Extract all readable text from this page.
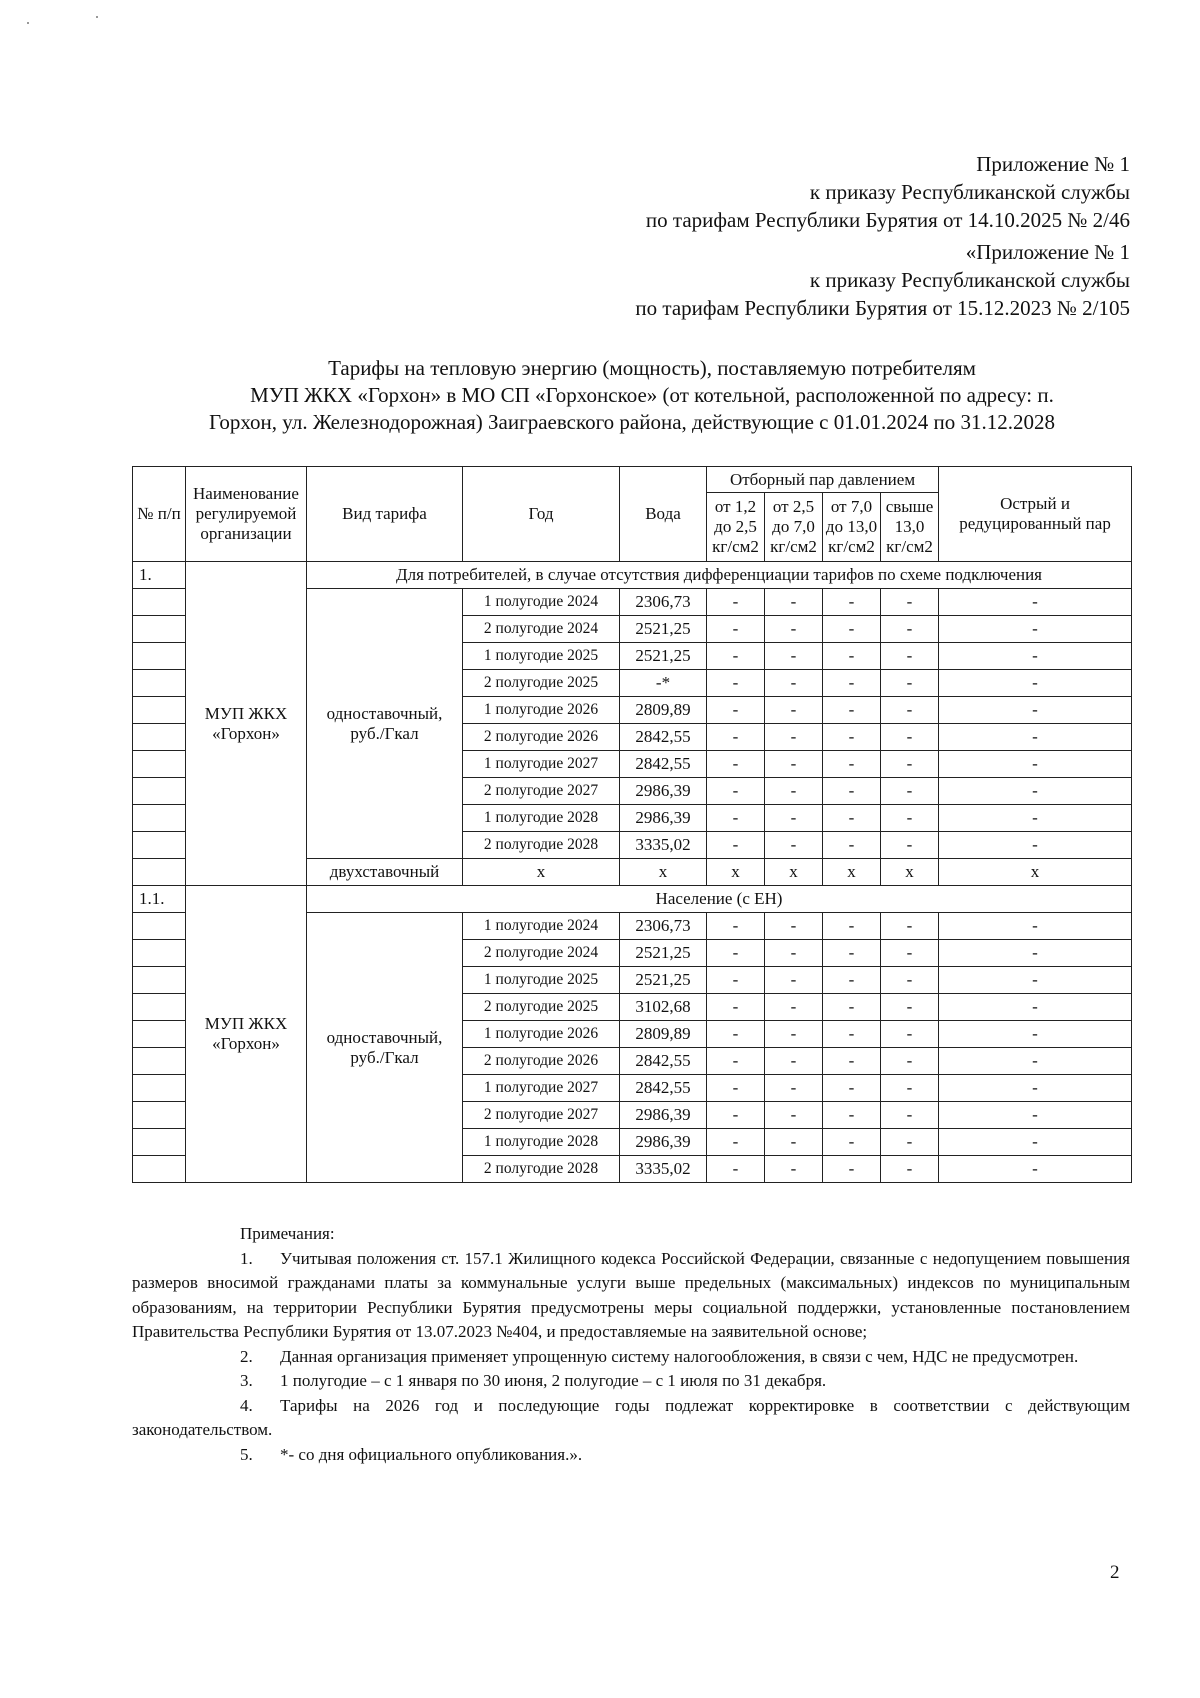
Приложение № 1
к приказу Республиканской службы
по тарифам Республики Бурятия от 14.10.2025 № 2/46
«Приложение № 1
к приказу Республиканской службы
по тарифам Республики Бурятия от 15.12.2023 № 2/105
Тарифы на тепловую энергию (мощность), поставляемую потребителям
МУП ЖКХ «Горхон» в МО СП «Горхонское» (от котельной, расположенной по адресу: п.
Горхон, ул. Железнодорожная) Заиграевского района, действующие с 01.01.2024 по 31.12.2028
№ п/п	Наименование регулируемой организации	Вид тарифа	Год	Вода	Отборный пар давлением				Острый и редуцированный пар
					от 1,2 до 2,5 кг/см2	от 2,5 до 7,0 кг/см2	от 7,0 до 13,0 кг/см2	свыше 13,0 кг/см2	
1.	МУП ЖКХ «Горхон»	Для потребителей, в случае отсутствия дифференциации тарифов по схеме подключения							
		одноставочный, руб./Гкал	1 полугодие 2024	2306,73	-	-	-	-	-
			2 полугодие 2024	2521,25	-	-	-	-	-
			1 полугодие 2025	2521,25	-	-	-	-	-
			2 полугодие 2025	-*	-	-	-	-	-
			1 полугодие 2026	2809,89	-	-	-	-	-
			2 полугодие 2026	2842,55	-	-	-	-	-
			1 полугодие 2027	2842,55	-	-	-	-	-
			2 полугодие 2027	2986,39	-	-	-	-	-
			1 полугодие 2028	2986,39	-	-	-	-	-
			2 полугодие 2028	3335,02	-	-	-	-	-
		двухставочный	х	х	х	х	х	х	х
1.1.	МУП ЖКХ «Горхон»	Население (с ЕН)							
		одноставочный, руб./Гкал	1 полугодие 2024	2306,73	-	-	-	-	-
			2 полугодие 2024	2521,25	-	-	-	-	-
			1 полугодие 2025	2521,25	-	-	-	-	-
			2 полугодие 2025	3102,68	-	-	-	-	-
			1 полугодие 2026	2809,89	-	-	-	-	-
			2 полугодие 2026	2842,55	-	-	-	-	-
			1 полугодие 2027	2842,55	-	-	-	-	-
			2 полугодие 2027	2986,39	-	-	-	-	-
			1 полугодие 2028	2986,39	-	-	-	-	-
			2 полугодие 2028	3335,02	-	-	-	-	-

Примечания:

1. Учитывая положения ст. 157.1 Жилищного кодекса Российской Федерации, связанные с недопущением повышения размеров вносимой гражданами платы за коммунальные услуги выше предельных (максимальных) индексов по муниципальным образованиям, на территории Республики Бурятия предусмотрены меры социальной поддержки, установленные постановлением Правительства Республики Бурятия от 13.07.2023 №404, и предоставляемые на заявительной основе;

2. Данная организация применяет упрощенную систему налогообложения, в связи с чем, НДС не предусмотрен.

3. 1 полугодие – с 1 января по 30 июня, 2 полугодие – с 1 июля по 31 декабря.

4. Тарифы на 2026 год и последующие годы подлежат корректировке в соответствии с действующим законодательством.

5. *- со дня официального опубликования.».

2
